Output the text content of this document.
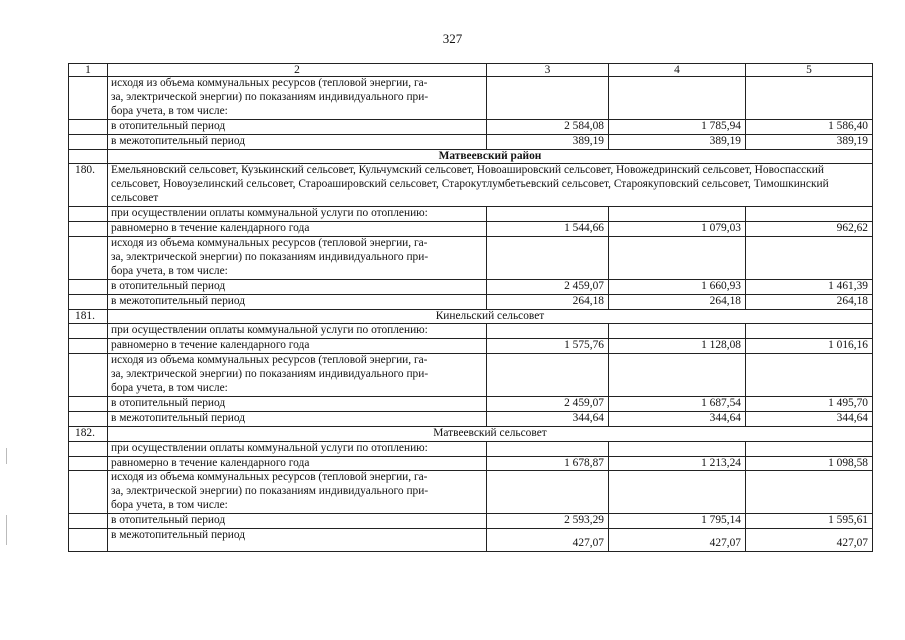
327
1	2	3	4	5
	исходя из объема коммунальных ресурсов (тепловой энергии, га-
за, электрической энергии) по показаниям индивидуального при-
бора учета, в том числе:			
	в отопительный период	2 584,08	1 785,94	1 586,40
	в межотопительный период	389,19	389,19	389,19
	Матвеевский район			
180.	Емельяновский сельсовет, Кузькинский сельсовет, Кульчумский сельсовет, Новоашировский сельсовет, Новожедринский сельсовет, Новоспасский сельсовет, Новоузелинский сельсовет, Староашировский сельсовет, Старокутлумбетьевский сельсовет, Староякуповский сельсовет, Тимошкинский сельсовет			
	при осуществлении оплаты коммунальной услуги по отоплению:			
	равномерно в течение календарного года	1 544,66	1 079,03	962,62
	исходя из объема коммунальных ресурсов (тепловой энергии, га-
за, электрической энергии) по показаниям индивидуального при-
бора учета, в том числе:			
	в отопительный период	2 459,07	1 660,93	1 461,39
	в межотопительный период	264,18	264,18	264,18
181.	Кинельский сельсовет			
	при осуществлении оплаты коммунальной услуги по отоплению:			
	равномерно в течение календарного года	1 575,76	1 128,08	1 016,16
	исходя из объема коммунальных ресурсов (тепловой энергии, га-
за, электрической энергии) по показаниям индивидуального при-
бора учета, в том числе:			
	в отопительный период	2 459,07	1 687,54	1 495,70
	в межотопительный период	344,64	344,64	344,64
182.	Матвеевский сельсовет			
	при осуществлении оплаты коммунальной услуги по отоплению:			
	равномерно в течение календарного года	1 678,87	1 213,24	1 098,58
	исходя из объема коммунальных ресурсов (тепловой энергии, га-
за, электрической энергии) по показаниям индивидуального при-
бора учета, в том числе:			
	в отопительный период	2 593,29	1 795,14	1 595,61
	в межотопительный период	427,07	427,07	427,07
